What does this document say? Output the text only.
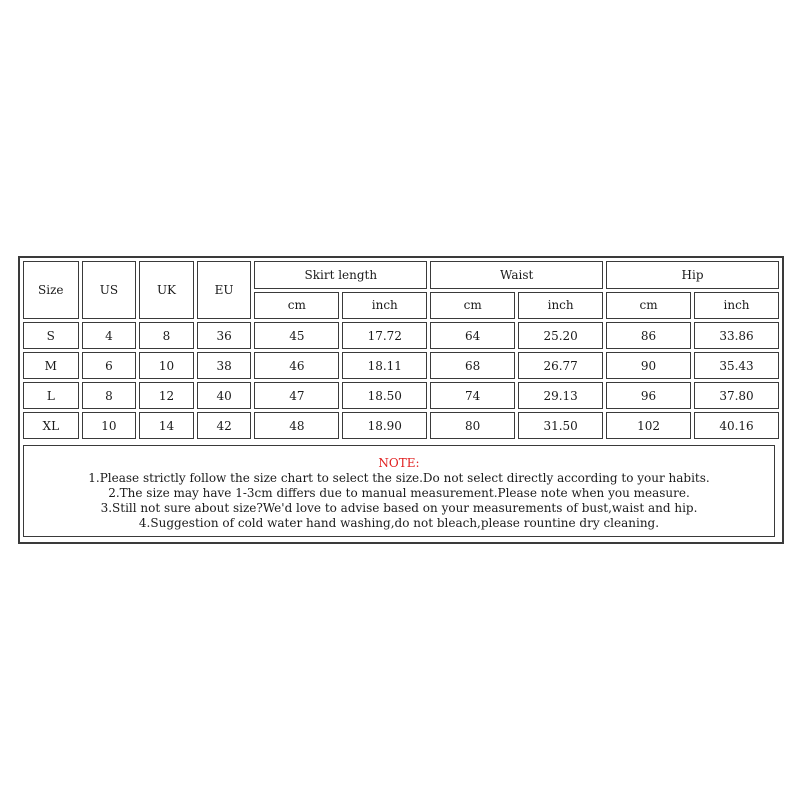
Size	US	UK	EU	Skirt length		Waist		Hip	
				cm	inch	cm	inch	cm	inch
S	4	8	36	45	17.72	64	25.20	86	33.86
M	6	10	38	46	18.11	68	26.77	90	35.43
L	8	12	40	47	18.50	74	29.13	96	37.80
XL	10	14	42	48	18.90	80	31.50	102	40.16
NOTE:
1.Please strictly follow the size chart to select the size.Do not select directly according to your habits.
2.The size may have 1-3cm differs due to manual measurement.Please note when you measure.
3.Still not sure about size?We'd love to advise based on your measurements of bust,waist and hip.
4.Suggestion of cold water hand washing,do not bleach,please rountine dry cleaning.
